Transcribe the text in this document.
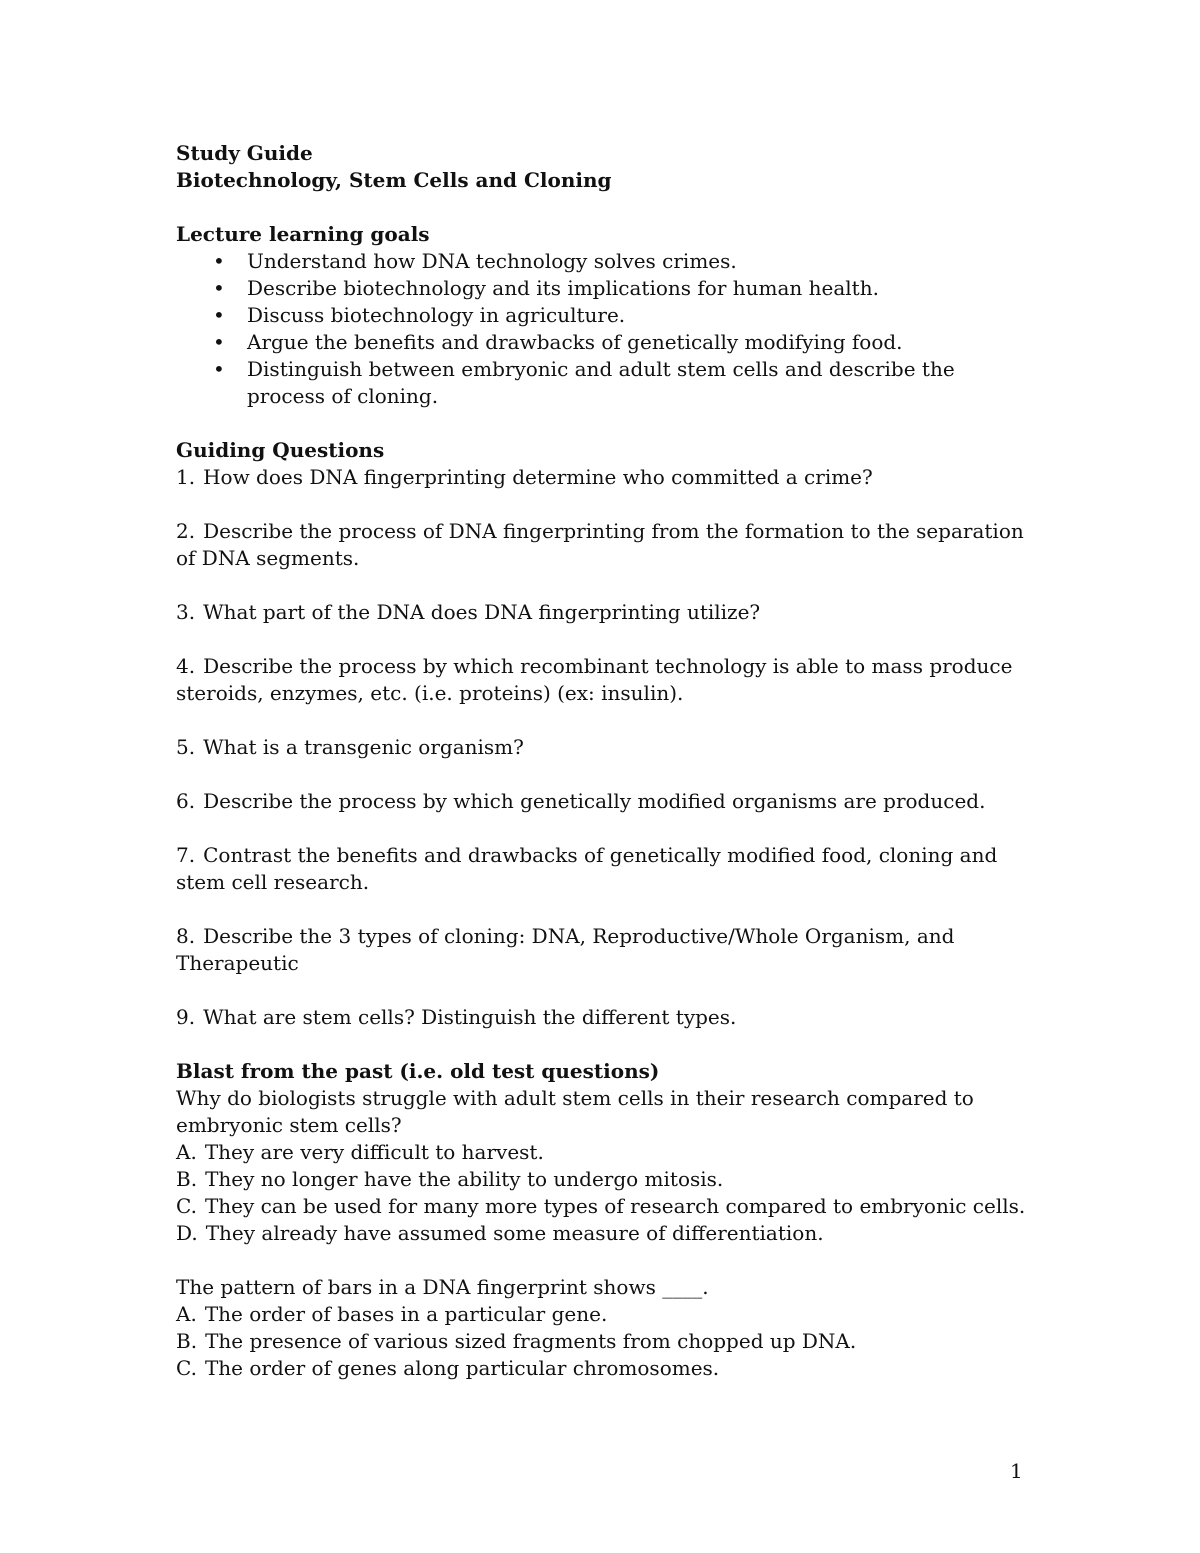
Study Guide
Biotechnology, Stem Cells and Cloning
Lecture learning goals
• Understand how DNA technology solves crimes.
• Describe biotechnology and its implications for human health.
• Discuss biotechnology in agriculture.
• Argue the benefits and drawbacks of genetically modifying food.
• Distinguish between embryonic and adult stem cells and describe the process of cloning.
Guiding Questions
1. How does DNA fingerprinting determine who committed a crime?
2. Describe the process of DNA fingerprinting from the formation to the separation of DNA segments.
3. What part of the DNA does DNA fingerprinting utilize?
4. Describe the process by which recombinant technology is able to mass produce steroids, enzymes, etc. (i.e. proteins) (ex: insulin).
5. What is a transgenic organism?
6. Describe the process by which genetically modified organisms are produced.
7. Contrast the benefits and drawbacks of genetically modified food, cloning and stem cell research.
8. Describe the 3 types of cloning: DNA, Reproductive/Whole Organism, and Therapeutic
9. What are stem cells? Distinguish the different types.
Blast from the past (i.e. old test questions)
Why do biologists struggle with adult stem cells in their research compared to embryonic stem cells?
A. They are very difficult to harvest.
B. They no longer have the ability to undergo mitosis.
C. They can be used for many more types of research compared to embryonic cells.
D. They already have assumed some measure of differentiation.
The pattern of bars in a DNA fingerprint shows ____.
A. The order of bases in a particular gene.
B. The presence of various sized fragments from chopped up DNA.
C. The order of genes along particular chromosomes.
1
